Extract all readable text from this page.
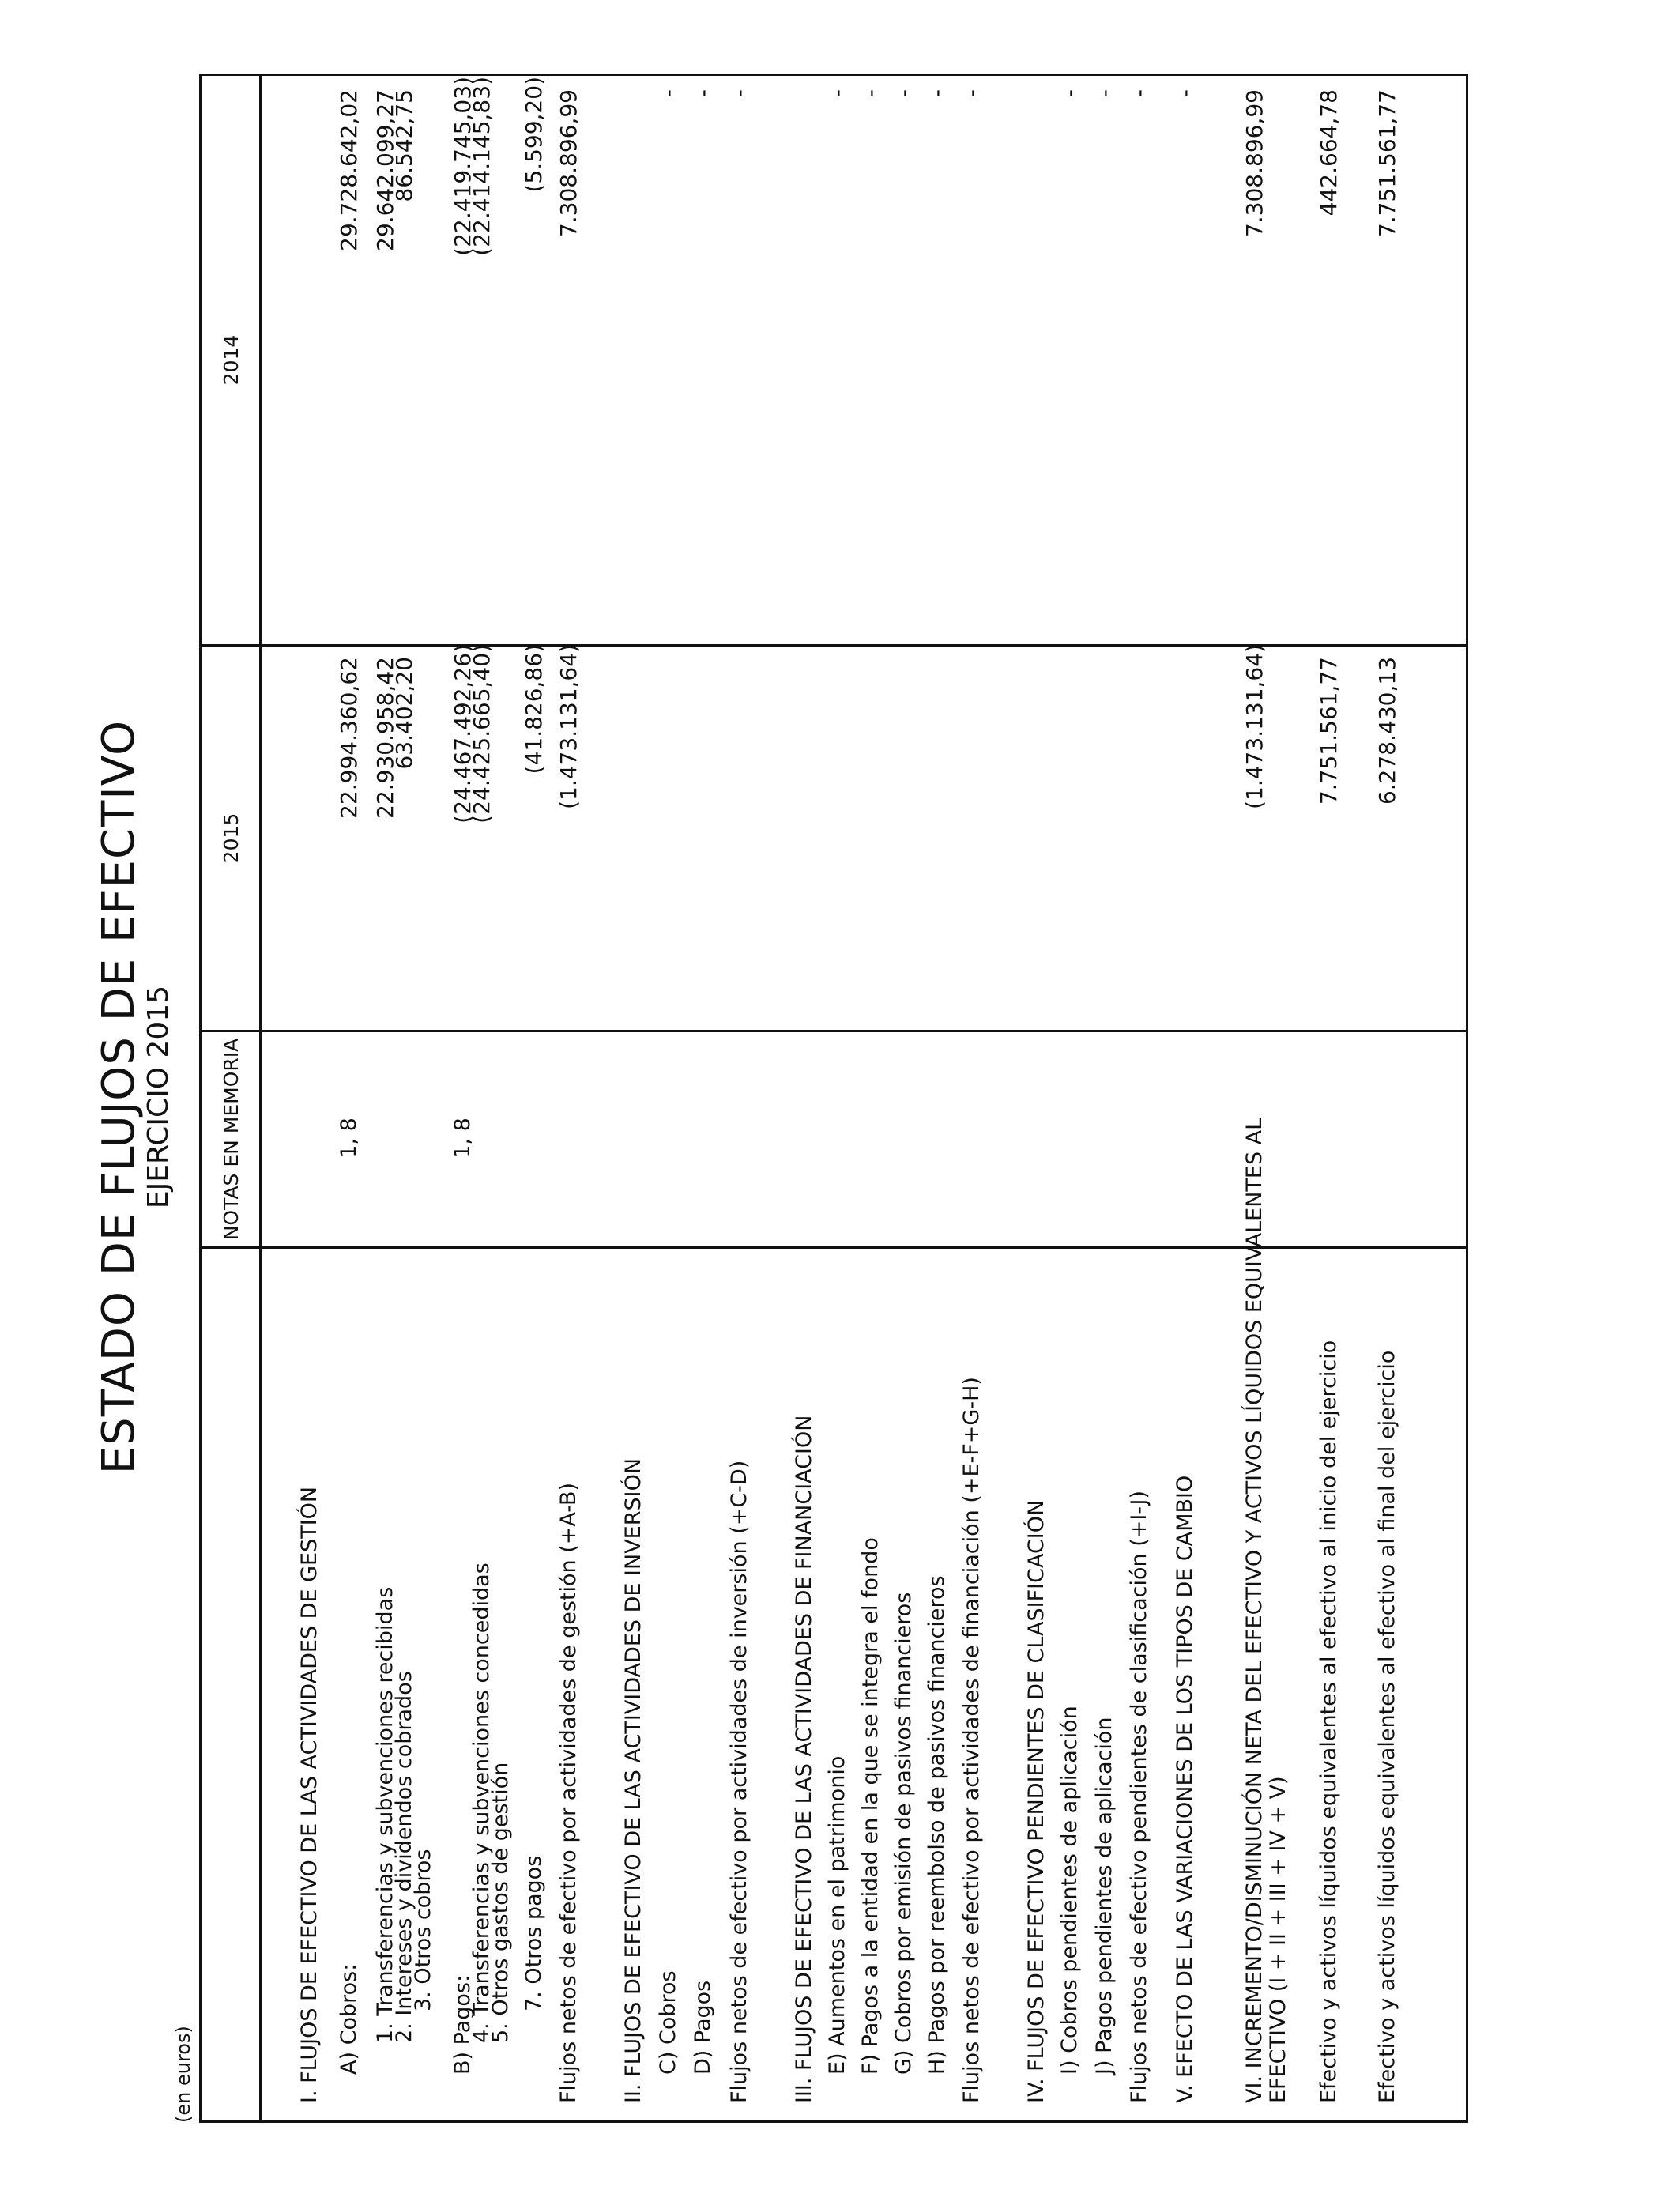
ESTADO DE FLUJOS DE EFECTIVO
EJERCICIO 2015
(en euros)
NOTAS EN MEMORIA
2015
2014
I. FLUJOS DE EFECTIVO DE LAS ACTIVIDADES DE GESTIÓN A) Cobros:
1, 8
22.994.360,62
29.728.642,02
1. Transferencias y subvenciones recibidas
22.930.958,42
29.642.099,27
2. Intereses y dividendos cobrados
63.402,20
86.542,75
3. Otros cobros
B) Pagos:
1, 8
(24.467.492,26)
(22.419.745,03)
4. Transferencias y subvenciones concedidas
(24.425.665,40)
(22.414.145,83)
5. Otros gastos de gestión 7. Otros pagos
(41.826,86)
(5.599,20)
Flujos netos de efectivo por actividades de gestión (+A-B)
(1.473.131,64)
7.308.896,99
II. FLUJOS DE EFECTIVO DE LAS ACTIVIDADES DE INVERSIÓN C) Cobros
-
D) Pagos
-
Flujos netos de efectivo por actividades de inversión (+C-D)
-
III. FLUJOS DE EFECTIVO DE LAS ACTIVIDADES DE FINANCIACIÓN E) Aumentos en el patrimonio
-
F) Pagos a la entidad en la que se integra el fondo
-
G) Cobros por emisión de pasivos financieros
-
H) Pagos por reembolso de pasivos financieros
-
Flujos netos de efectivo por actividades de financiación (+E-F+G-H)
-
IV. FLUJOS DE EFECTIVO PENDIENTES DE CLASIFICACIÓN I) Cobros pendientes de aplicación
-
J) Pagos pendientes de aplicación
-
Flujos netos de efectivo pendientes de clasificación (+I-J)
-
V. EFECTO DE LAS VARIACIONES DE LOS TIPOS DE CAMBIO
-
VI. INCREMENTO/DISMINUCIÓN NETA DEL EFECTIVO Y ACTIVOS LÍQUIDOS EQUIVALENTES AL EFECTIVO (I + II + III + IV + V)
(1.473.131,64)
7.308.896,99
Efectivo y activos líquidos equivalentes al efectivo al inicio del ejercicio
7.751.561,77
442.664,78
Efectivo y activos líquidos equivalentes al efectivo al final del ejercicio
6.278.430,13
7.751.561,77
